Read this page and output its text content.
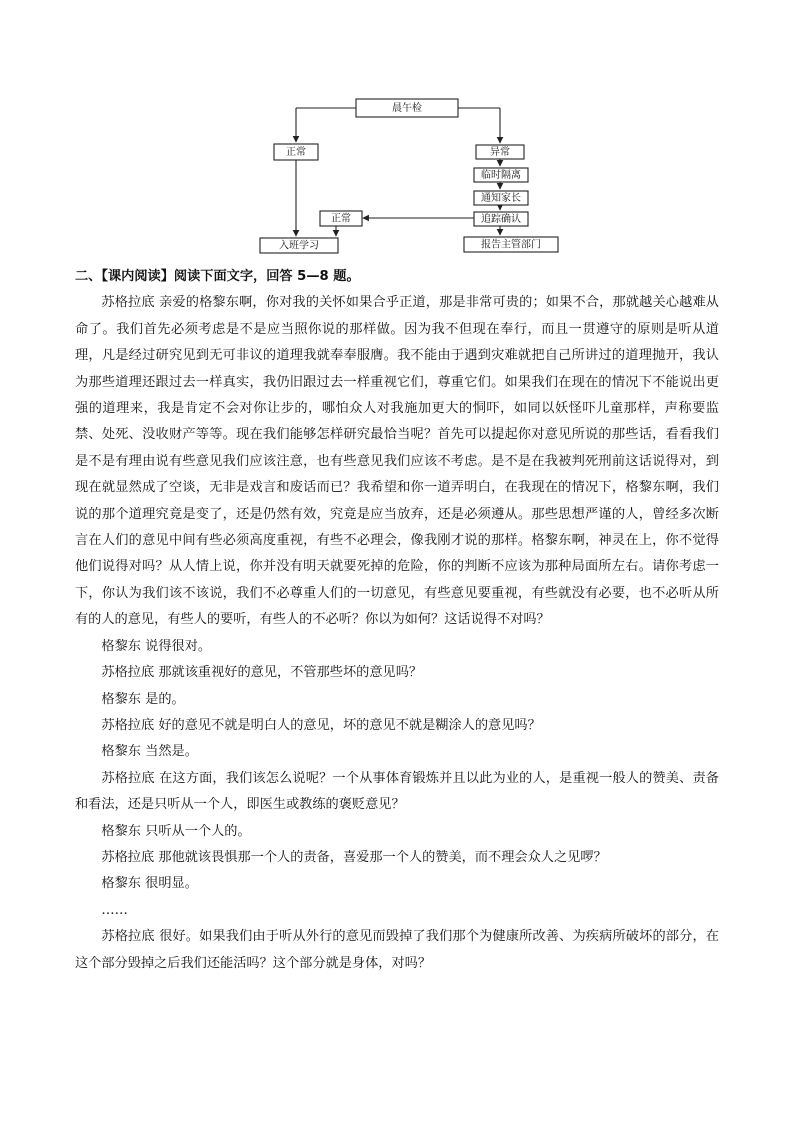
晨午检
正常	异常
临时隔离
通知家长
追踪确认
正常
入班学习	报告主管部门

二、【课内阅读】阅读下面文字，回答 5—8 题。

苏格拉底 亲爱的格黎东啊，你对我的关怀如果合乎正道，那是非常可贵的；如果不合，那就越关心越难从命了。我们首先必须考虑是不是应当照你说的那样做。因为我不但现在奉行，而且一贯遵守的原则是听从道理，凡是经过研究见到无可非议的道理我就奉奉服膺。我不能由于遇到灾难就把自己所讲过的道理抛开，我认为那些道理还跟过去一样真实，我仍旧跟过去一样重视它们，尊重它们。如果我们在现在的情况下不能说出更强的道理来，我是肯定不会对你让步的，哪怕众人对我施加更大的恫吓，如同以妖怪吓儿童那样，声称要监禁、处死、没收财产等等。现在我们能够怎样研究最恰当呢？首先可以提起你对意见所说的那些话，看看我们是不是有理由说有些意见我们应该注意，也有些意见我们应该不考虑。是不是在我被判死刑前这话说得对，到现在就显然成了空谈，无非是戏言和废话而已？我希望和你一道弄明白，在我现在的情况下，格黎东啊，我们说的那个道理究竟是变了，还是仍然有效，究竟是应当放弃，还是必须遵从。那些思想严谨的人，曾经多次断言在人们的意见中间有些必须高度重视，有些不必理会，像我刚才说的那样。格黎东啊，神灵在上，你不觉得他们说得对吗？从人情上说，你并没有明天就要死掉的危险，你的判断不应该为那种局面所左右。请你考虑一下，你认为我们该不该说，我们不必尊重人们的一切意见，有些意见要重视，有些就没有必要，也不必听从所有的人的意见，有些人的要听，有些人的不必听？你以为如何？这话说得不对吗？

格黎东 说得很对。

苏格拉底 那就该重视好的意见，不管那些坏的意见吗？

格黎东 是的。

苏格拉底 好的意见不就是明白人的意见，坏的意见不就是糊涂人的意见吗？

格黎东 当然是。

苏格拉底 在这方面，我们该怎么说呢？一个从事体育锻炼并且以此为业的人，是重视一般人的赞美、责备和看法，还是只听从一个人，即医生或教练的褒贬意见？

格黎东 只听从一个人的。

苏格拉底 那他就该畏惧那一个人的责备，喜爱那一个人的赞美，而不理会众人之见啰？

格黎东 很明显。

……

苏格拉底 很好。如果我们由于听从外行的意见而毁掉了我们那个为健康所改善、为疾病所破坏的部分，在这个部分毁掉之后我们还能活吗？这个部分就是身体，对吗？
